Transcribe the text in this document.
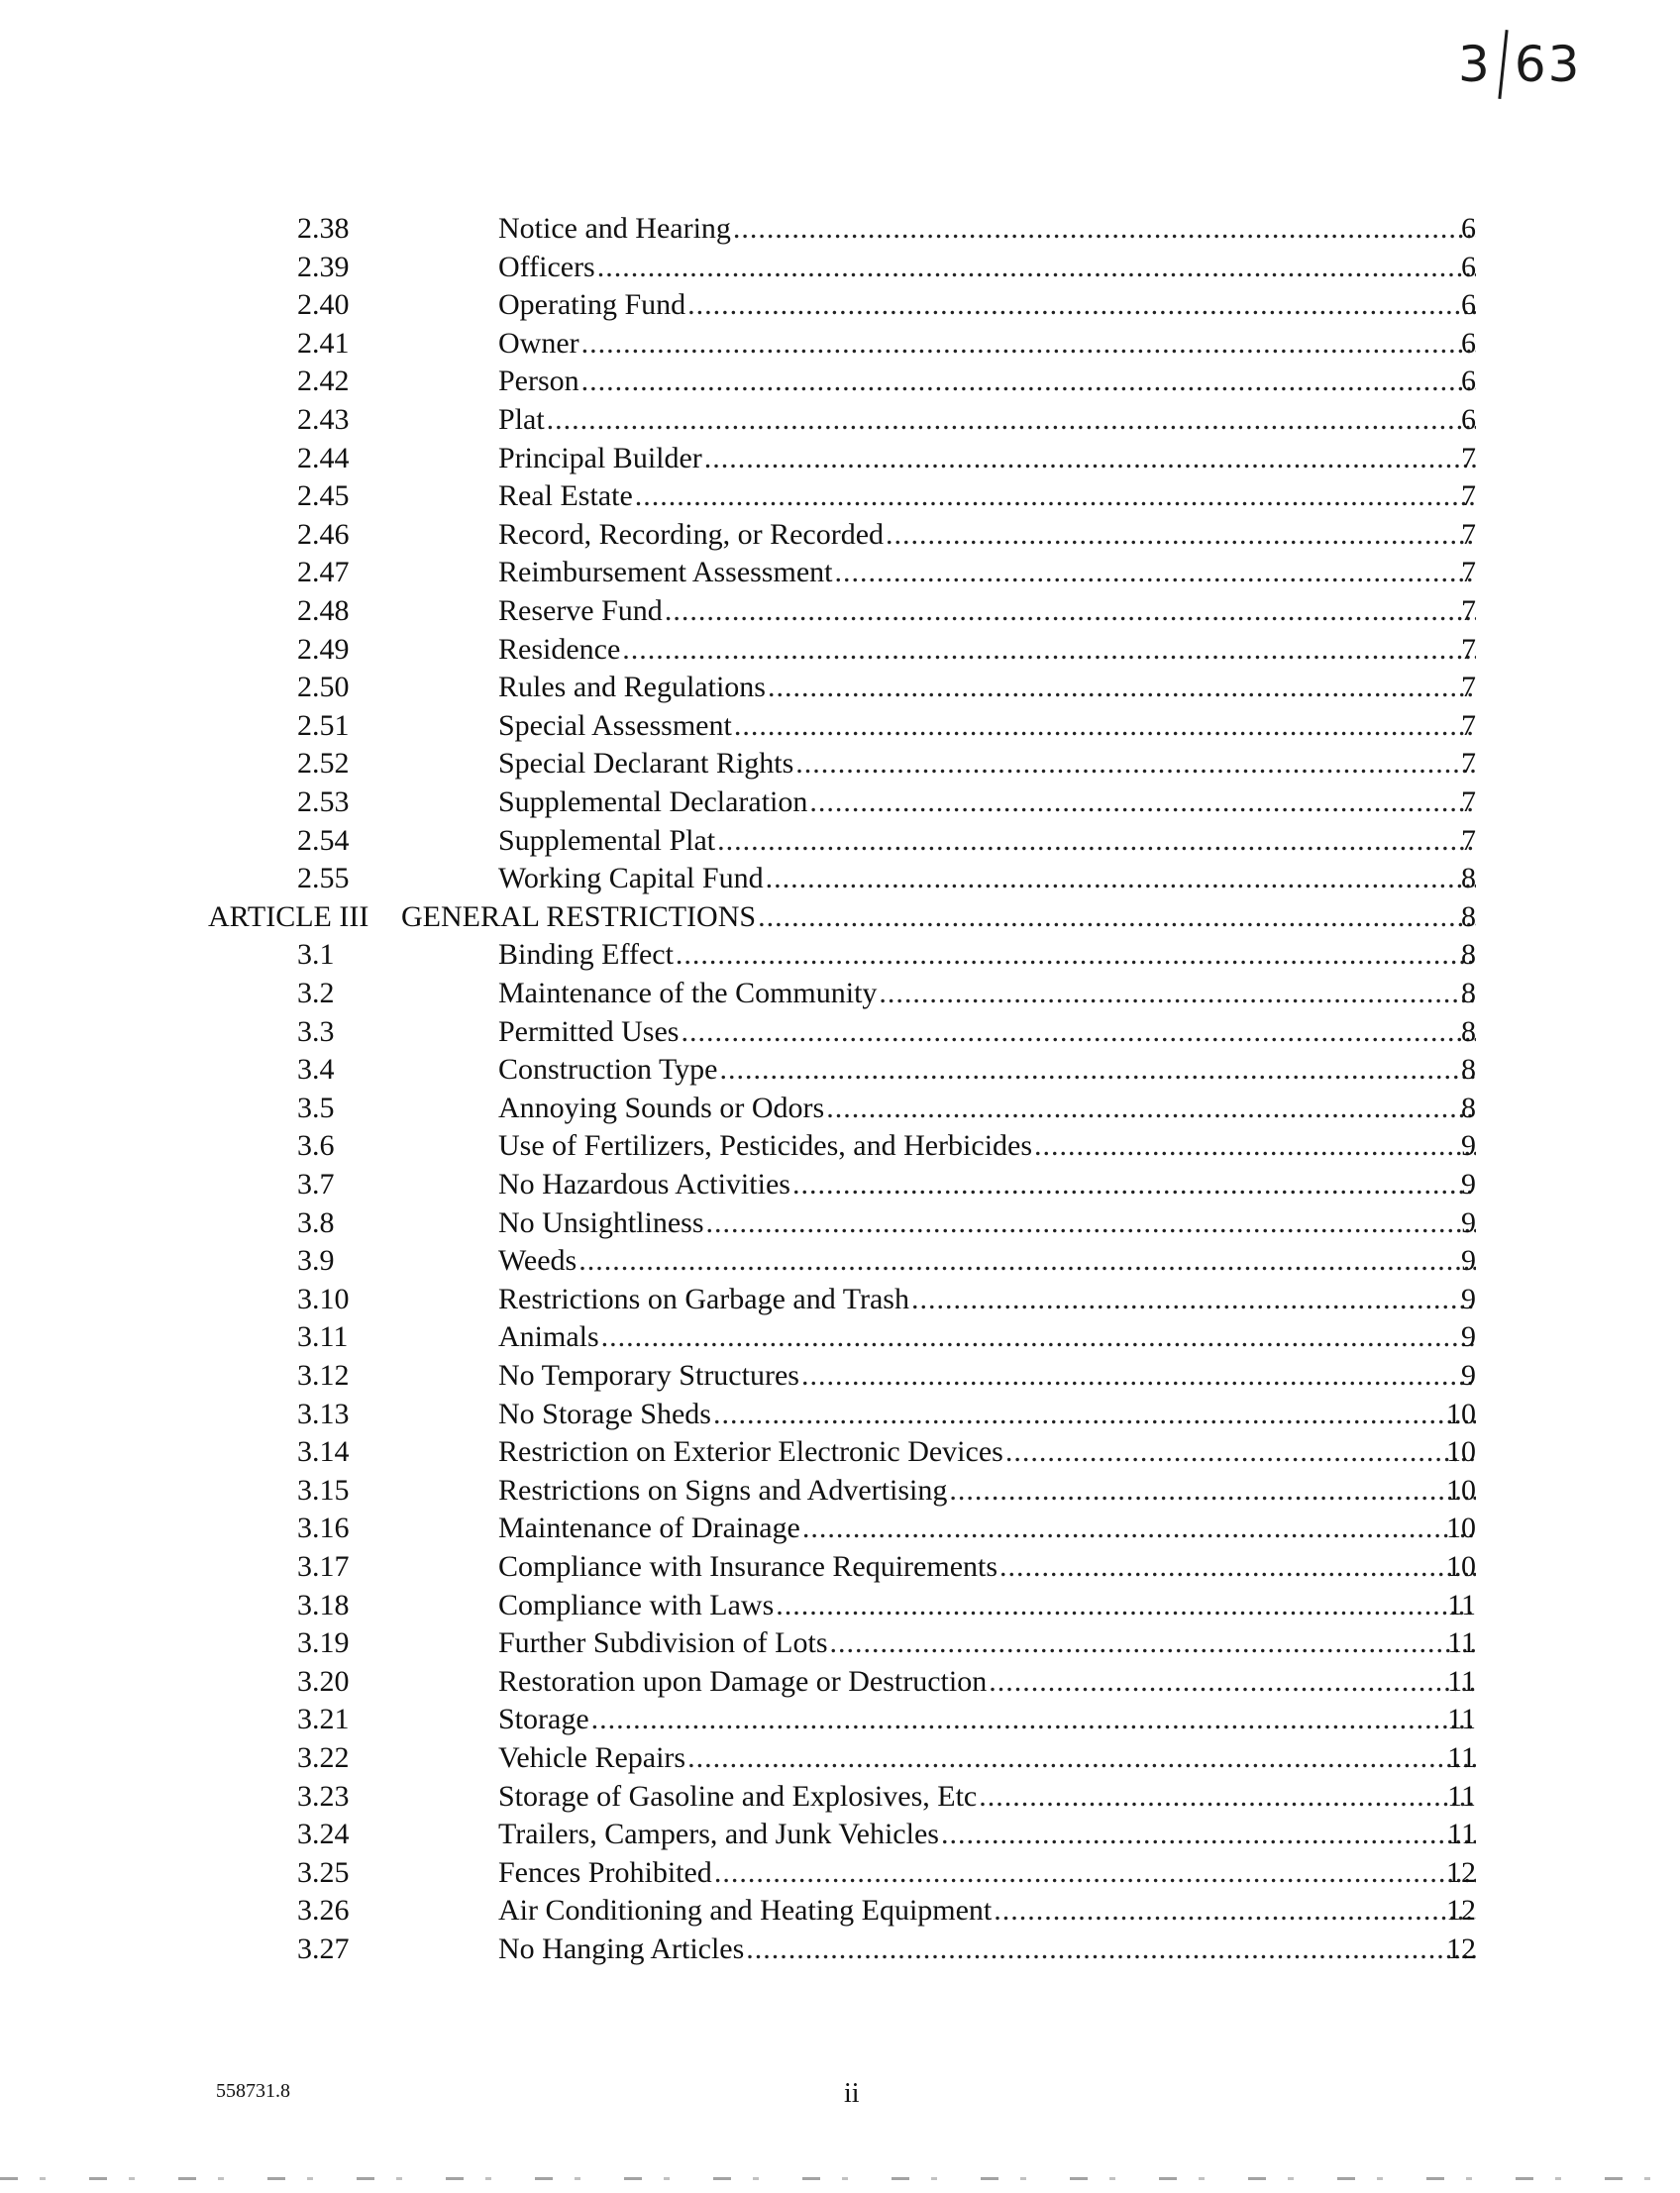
3 63
2.38	Notice and Hearing .....	6
2.39	Officers .....	6
2.40	Operating Fund .....	6
2.41	Owner .....	6
2.42	Person .....	6
2.43	Plat .....	6
2.44	Principal Builder .....	7
2.45	Real Estate .....	7
2.46	Record, Recording, or Recorded .....	7
2.47	Reimbursement Assessment .....	7
2.48	Reserve Fund .....	7
2.49	Residence .....	7
2.50	Rules and Regulations .....	7
2.51	Special Assessment .....	7
2.52	Special Declarant Rights .....	7
2.53	Supplemental Declaration .....	7
2.54	Supplemental Plat .....	7
2.55	Working Capital Fund .....	8
ARTICLE III GENERAL RESTRICTIONS .....	8
3.1	Binding Effect .....	8
3.2	Maintenance of the Community .....	8
3.3	Permitted Uses .....	8
3.4	Construction Type .....	8
3.5	Annoying Sounds or Odors .....	8
3.6	Use of Fertilizers, Pesticides, and Herbicides .....	9
3.7	No Hazardous Activities .....	9
3.8	No Unsightliness .....	9
3.9	Weeds .....	9
3.10	Restrictions on Garbage and Trash .....	9
3.11	Animals .....	9
3.12	No Temporary Structures .....	9
3.13	No Storage Sheds .....	10
3.14	Restriction on Exterior Electronic Devices .....	10
3.15	Restrictions on Signs and Advertising .....	10
3.16	Maintenance of Drainage .....	10
3.17	Compliance with Insurance Requirements .....	10
3.18	Compliance with Laws .....	11
3.19	Further Subdivision of Lots .....	11
3.20	Restoration upon Damage or Destruction .....	11
3.21	Storage .....	11
3.22	Vehicle Repairs .....	11
3.23	Storage of Gasoline and Explosives, Etc .....	11
3.24	Trailers, Campers, and Junk Vehicles .....	11
3.25	Fences Prohibited .....	12
3.26	Air Conditioning and Heating Equipment .....	12
3.27	No Hanging Articles .....	12
558731.8	ii
